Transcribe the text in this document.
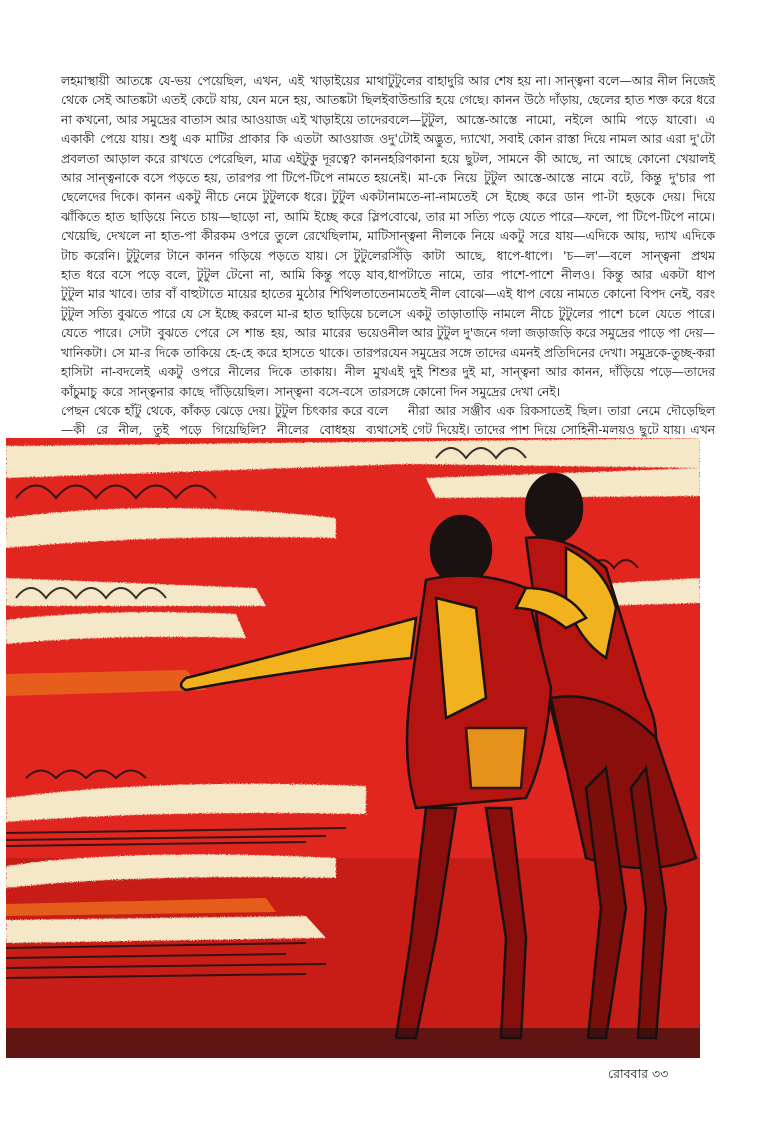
লহমাস্থায়ী আতঙ্কে যে-ভয় পেয়েছিল, এখন, এই খাড়াইয়ের মাথা থেকে সেই আতঙ্কটা এতই কেটে যায়, যেন মনে হয়, আতঙ্কটা ছিলই না কখনো, আর সমুদ্রের বাতাস আর আওয়াজ এই খাড়াইয়ে তাদের একাকী পেয়ে যায়। শুধু এক মাটির প্রাকার কি এতটা আওয়াজ ও প্রবলতা আড়াল করে রাখতে পেরেছিল, মাত্র এইটুকু দূরত্বে? কানন আর সান্ত্বনাকে বসে পড়তে হয়, তারপর পা টিপে-টিপে নামতে হয় ছেলেদের দিকে। কানন একটু নীচে নেমে টুটুলকে ধরে। টুটুল একটা ঝাঁকিতে হাত ছাড়িয়ে নিতে চায়—ছাড়ো না, আমি ইচ্ছে করে স্লিপ খেয়েছি, দেখলে না হাত-পা কীরকম ওপরে তুলে রেখেছিলাম, মাটি টাচ করেনি। টুটুলের টানে কানন গড়িয়ে পড়তে যায়। সে টুটুলের হাত ধরে বসে পড়ে বলে, টুটুল টেনো না, আমি কিন্তু পড়ে যাব, টুটুল মার খাবে। তার বাঁ বাহুটাতে মায়ের হাতের মুঠোর শিথিলতাতে টুটুল সত্যি বুঝতে পারে যে সে ইচ্ছে করলে মা-র হাত ছাড়িয়ে চলে যেতে পারে। সেটা বুঝতে পেরে সে শান্ত হয়, আর মারের ভয়েও খানিকটা। সে মা-র দিকে তাকিয়ে হে-হে করে হাসতে থাকে। তারপর হাসিটা না-বদলেই একটু ওপরে নীলের দিকে তাকায়। নীল মুখ কাঁচুমাচু করে সান্ত্বনার কাছে দাঁড়িয়েছিল। সান্ত্বনা বসে-বসে তার পেছন থেকে হাঁটু থেকে, কাঁকড় ঝেড়ে দেয়। টুটুল চিৎকার করে বলে—কী রে নীল, তুই পড়ে গিয়েছিলি? নীলের বোধহয় ব্যথা

টুটুলের বাহাদুরি আর শেষ হয় না। সান্ত্বনা বলে—আর নীল নিজেই বাউন্ডারি হয়ে গেছে। কানন উঠে দাঁড়ায়, ছেলের হাত শক্ত করে ধরে বলে—টুটুল, আস্তে-আস্তে নামো, নইলে আমি পড়ে যাবো। এ দু'টোই অদ্ভুত, দ্যাখো, সবাই কোন রাস্তা দিয়ে নামল আর এরা দু'টো হরিণকানা হয়ে ছুটল, সামনে কী আছে, না আছে কোনো খেয়ালই নেই। মা-কে নিয়ে টুটুল আস্তে-আস্তে নামে বটে, কিন্তু দু'চার পা নামতে-না-নামতেই সে ইচ্ছে করে ডান পা-টা হড়কে দেয়। দিয়ে বোঝে, তার মা সত্যি পড়ে যেতে পারে—ফলে, পা টিপে-টিপে নামে। সান্ত্বনা নীলকে নিয়ে একটু সরে যায়—এদিকে আয়, দ্যাখ এদিকে সিঁড়ি কাটা আছে, ধাপে-ধাপে। 'চ—ল'—বলে সান্ত্বনা প্রথম ধাপটাতে নামে, তার পাশে-পাশে নীলও। কিন্তু আর একটা ধাপ নামতেই নীল বোঝে—এই ধাপ বেয়ে নামতে কোনো বিপদ নেই, বরং সে একটু তাড়াতাড়ি নামলে নীচে টুটুলের পাশে চলে যেতে পারে। নীল আর টুটুল দু'জনে গলা জড়াজড়ি করে সমুদ্রের পাড়ে পা দেয়—যেন সমুদ্রের সঙ্গে তাদের এমনই প্রতিদিনের দেখা। সমুদ্রকে-তুচ্ছ-করা এই দুই শিশুর দুই মা, সান্ত্বনা আর কানন, দাঁড়িয়ে পড়ে—তাদের সঙ্গে কোনো দিন সমুদ্রের দেখা নেই।

নীরা আর সঞ্জীব এক রিকসাতেই ছিল। তারা নেমে দৌড়েছিল সেই গেট দিয়েই। তাদের পাশ দিয়ে সোহিনী-মলয়ও ছুটে যায়। এখন

রোববার ৩৩
